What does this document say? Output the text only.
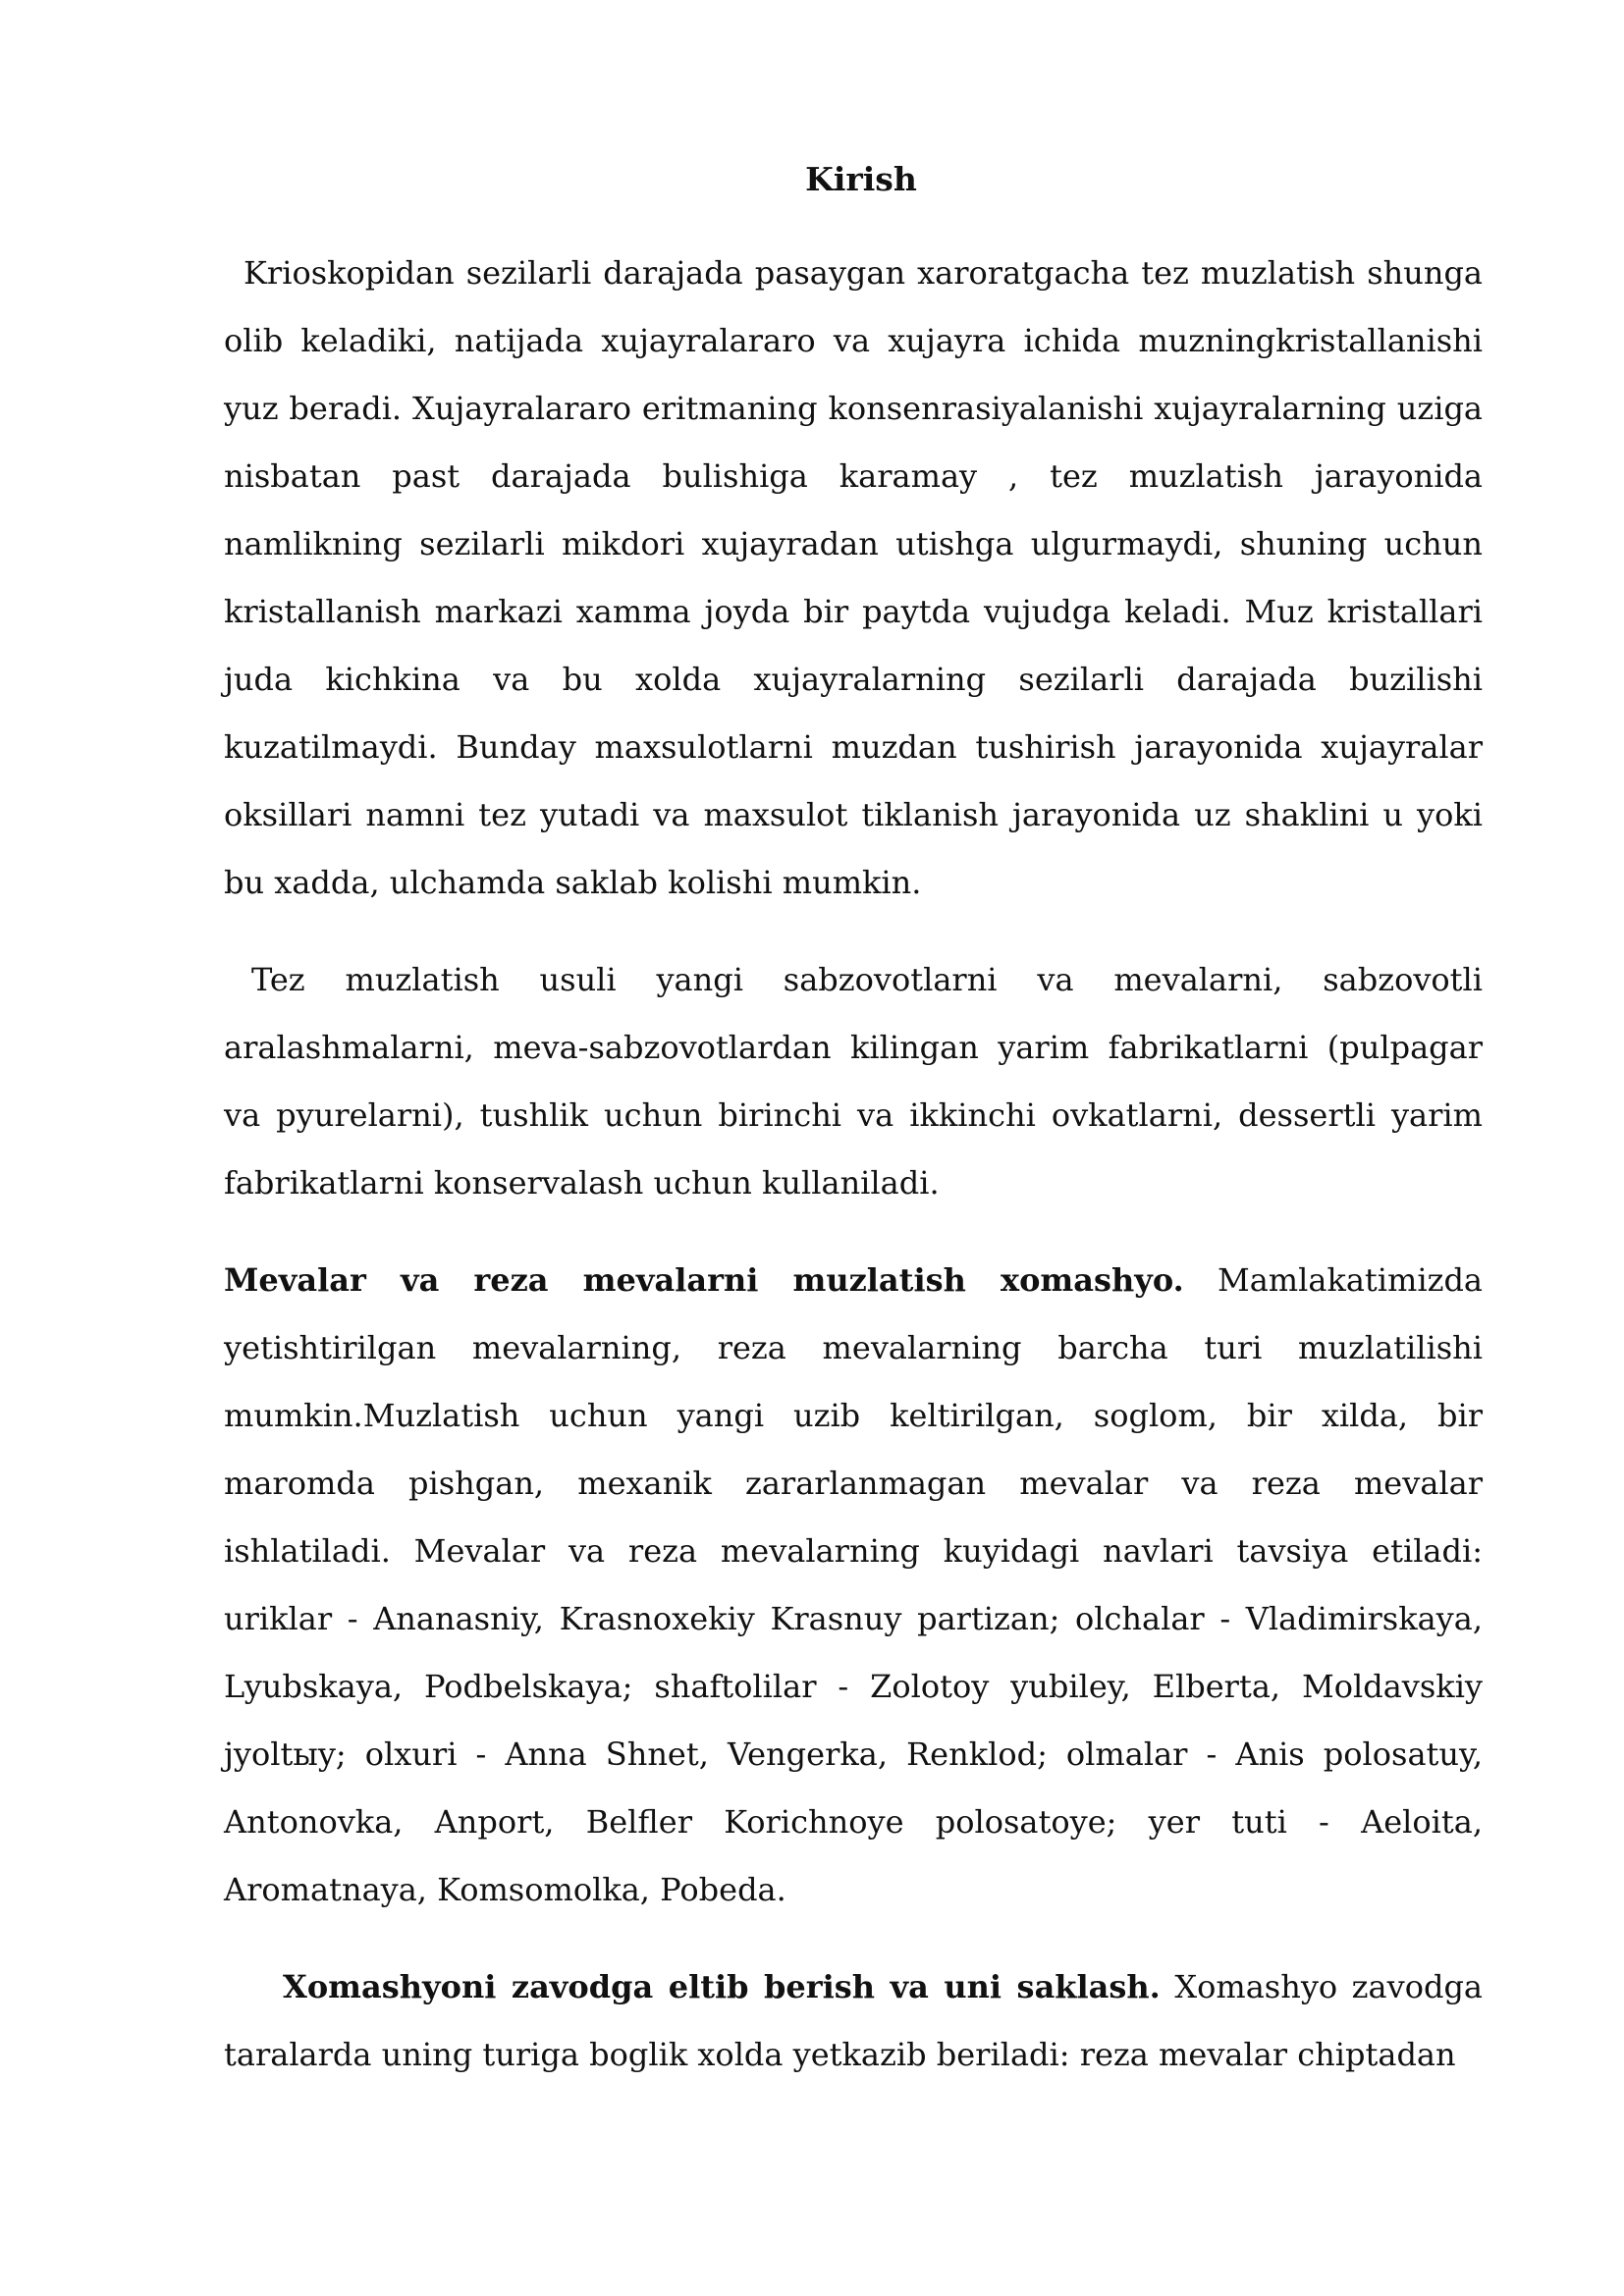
Kirish

Krioskopidan sezilarli darajada pasaygan xaroratgacha tez muzlatish shunga olib keladiki, natijada xujayralararo va xujayra ichida muzningkristallanishi yuz beradi. Xujayralararo eritmaning konsenrasiyalanishi xujayralarning uziga nisbatan past darajada bulishiga karamay , tez muzlatish jarayonida namlikning sezilarli mikdori xujayradan utishga ulgurmaydi, shuning uchun kristallanish markazi xamma joyda bir paytda vujudga keladi. Muz kristallari juda kichkina va bu xolda xujayralarning sezilarli darajada buzilishi kuzatilmaydi. Bunday maxsulotlarni muzdan tushirish jarayonida xujayralar oksillari namni tez yutadi va maxsulot tiklanish jarayonida uz shaklini u yoki bu xadda, ulchamda saklab kolishi mumkin.

Tez muzlatish usuli yangi sabzovotlarni va mevalarni, sabzovotli aralashmalarni, meva-sabzovotlardan kilingan yarim fabrikatlarni (pulpagar va pyurelarni), tushlik uchun birinchi va ikkinchi ovkatlarni, dessertli yarim fabrikatlarni konservalash uchun kullaniladi.

Mevalar va reza mevalarni muzlatish xomashyo. Mamlakatimizda yetishtirilgan mevalarning, reza mevalarning barcha turi muzlatilishi mumkin.Muzlatish uchun yangi uzib keltirilgan, soglom, bir xilda, bir maromda pishgan, mexanik zararlanmagan mevalar va reza mevalar ishlatiladi. Mevalar va reza mevalarning kuyidagi navlari tavsiya etiladi: uriklar - Ananasniy, Krasnoxekiy Krasnuy partizan; olchalar - Vladimirskaya, Lyubskaya, Podbelskaya; shaftolilar - Zolotoy yubiley, Elberta, Moldavskiy jyoltыy; olxuri - Anna Shnet, Vengerka, Renklod; olmalar - Anis polosatuy, Antonovka, Anport, Belfler Korichnoye polosatoye; yer tuti - Aeloita, Aromatnaya, Komsomolka, Pobeda.

Xomashyoni zavodga eltib berish va uni saklash. Xomashyo zavodga taralarda uning turiga boglik xolda yetkazib beriladi: reza mevalar chiptadan
